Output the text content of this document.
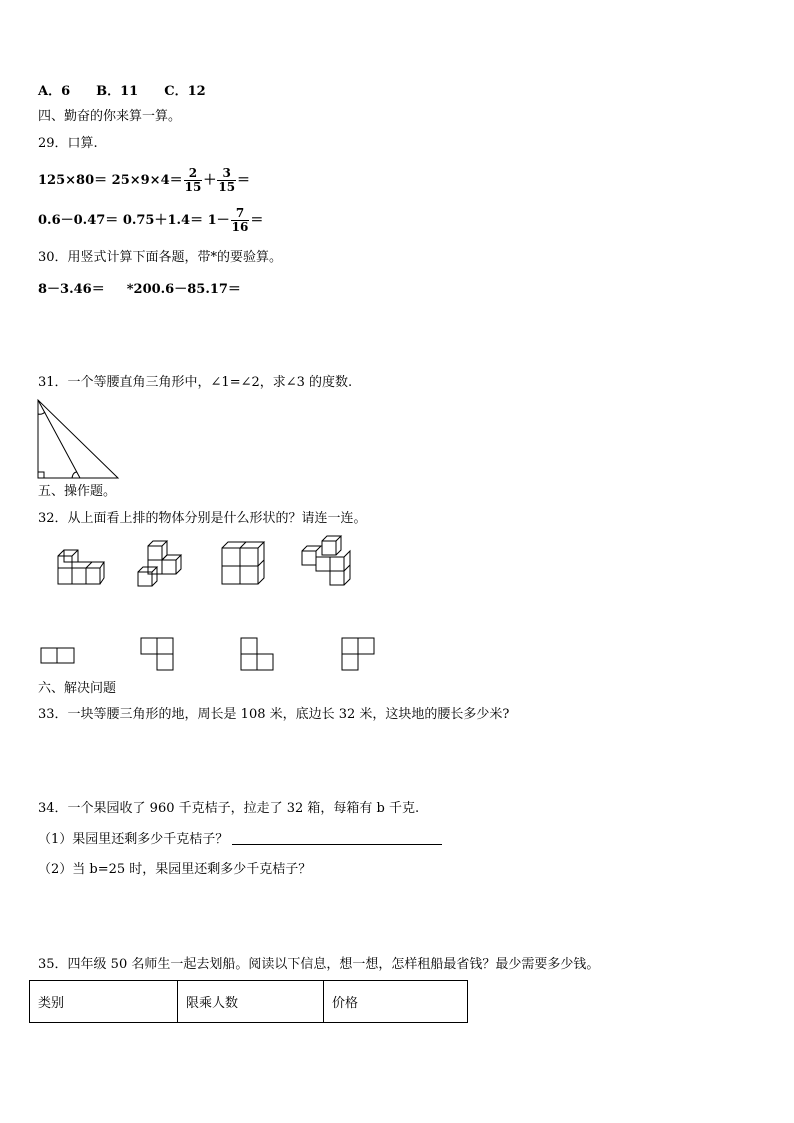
A．6 B．11 C．12
四、勤奋的你来算一算。
29．口算.
$125\times 80= 25\times 9\times 4= \frac{2}{15} + \frac{3}{15}$ ＝
$0.6-0.47= 0.75+1.4= 1- \frac{7}{16}$ ＝
30．用竖式计算下面各题，带*的要验算。
8－3.46＝ *200.6－85.17＝
31．一个等腰直角三角形中，∠1=∠2，求∠3 的度数.
五、操作题。
32．从上面看上排的物体分别是什么形状的？请连一连。
六、解决问题
33．一块等腰三角形的地，周长是 108 米，底边长 32 米，这块地的腰长多少米?
34．一个果园收了 960 千克桔子，拉走了 32 箱，每箱有 b 千克.
（1）果园里还剩多少千克桔子？
（2）当 b=25 时，果园里还剩多少千克桔子？
35．四年级 50 名师生一起去划船。阅读以下信息，想一想，怎样租船最省钱？最少需要多少钱。
类别	限乘人数	价格
